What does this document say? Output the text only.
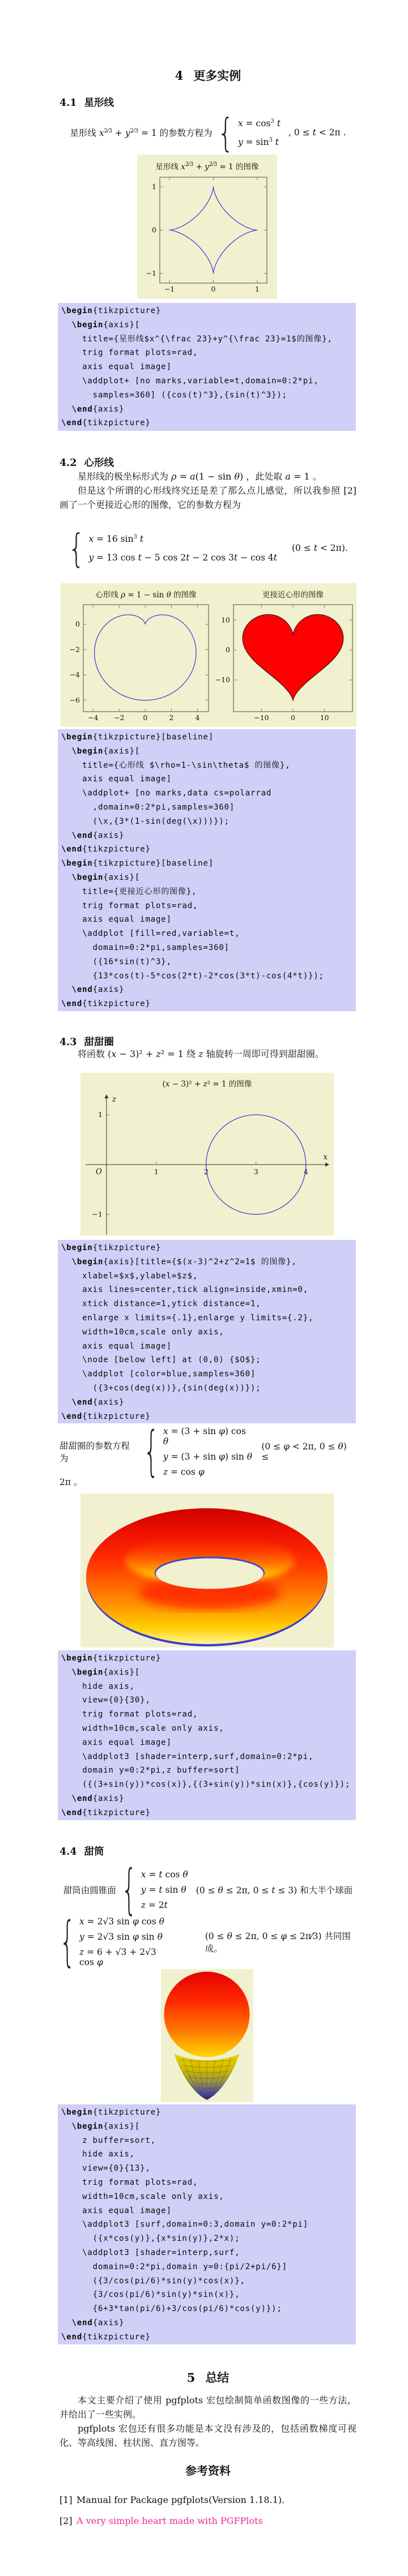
4 更多实例
4.1 星形线
星形线 $x^{2⁄3} + y^{2⁄3} = 1$ 的参数方程为
{
$x = \cos^3 t$
$y = \sin^3 t$
, 0 ≤ t < 2π .
星形线 $x^{2⁄3} + y^{2⁄3} = 1$ 的图像
−1	0	1
1
0
−1
\begin{tikzpicture}
\begin{axis}[
title={星形线$x^{\frac 23}+y^{\frac 23}=1$的图像},
trig format plots=rad,
axis equal image]
\addplot+ [no marks,variable=t,domain=0:2*pi,
samples=360] ({cos(t)^3},{sin(t)^3});
\end{axis}
\end{tikzpicture}
4.2 心形线

星形线的极坐标形式为 ρ = a(1 − sin θ) ，此处取 a = 1 。

但是这个所谓的心形线终究还是差了那么点儿感觉，所以我参照 [2] 画了一个更接近心形的图像，它的参数方程为

{
x = 16 $\sin^3 t$
y = 13 cos t − 5 cos 2t − 2 cos 3t − cos 4t
(0 ≤ t < 2π).
心形线 ρ = 1 − sin θ 的图像	更接近心形的图像
−4 −2	0	2	4
0
−2
−4
−6
−10	0	10
10
0
−10
\begin{tikzpicture}[baseline]
\begin{axis}[
title={心形线 $\rho=1-\sin\theta$ 的图像},
axis equal image]
\addplot+ [no marks,data cs=polarrad
,domain=0:2*pi,samples=360]
(\x,{3*(1-sin(deg(\x)))});
\end{axis}
\end{tikzpicture}
\begin{tikzpicture}[baseline]
\begin{axis}[
title={更接近心形的图像},
trig format plots=rad,
axis equal image]
\addplot [fill=red,variable=t,
domain=0:2*pi,samples=360]
({16*sin(t)^3},
{13*cos(t)-5*cos(2*t)-2*cos(3*t)-cos(4*t)});
\end{axis}
\end{tikzpicture}
4.3 甜甜圈

将函数 (x − 3)² + z² = 1 绕 z 轴旋转一周即可得到甜甜圈。

(x − 3)² + z² = 1 的图像
1	2	3	4
1
−1
O
x
z
\begin{tikzpicture}
\begin{axis}[title={$(x-3)^2+z^2=1$ 的图像},
xlabel=$x$,ylabel=$z$,
axis lines=center,tick align=inside,xmin=0,
xtick distance=1,ytick distance=1,
enlarge x limits={.1},enlarge y limits={.2},
width=10cm,scale only axis,
axis equal image]
\node [below left] at (0,0) {$O$};
\addplot [color=blue,samples=360]
({3+cos(deg(x))},{sin(deg(x))});
\end{axis}
\end{tikzpicture}
甜甜圈的参数方程为
{
x = (3 + sin φ) cos θ
y = (3 + sin φ) sin θ
z = cos φ
(0 ≤ φ < 2π, 0 ≤ θ) ≤
2π 。
\begin{tikzpicture}
\begin{axis}[
hide axis,
view={0}{30},
trig format plots=rad,
width=10cm,scale only axis,
axis equal image]
\addplot3 [shader=interp,surf,domain=0:2*pi,
domain y=0:2*pi,z buffer=sort]
({(3+sin(y))*cos(x)},{(3+sin(y))*sin(x)},{cos(y)});
\end{axis}
\end{tikzpicture}
4.4 甜筒
甜筒由圆锥面
{
x = t cos θ
y = t sin θ
z = 2t
(0 ≤ θ ≤ 2π, 0 ≤ t ≤ 3) 和大半个球面
{
x = 2√3 sin φ cos θ
y = 2√3 sin φ sin θ
z = 6 + √3 + 2√3 cos φ
(0 ≤ θ ≤ 2π, 0 ≤ φ ≤ 2π⁄3) 共同围成。
\begin{tikzpicture}
\begin{axis}[
z buffer=sort,
hide axis,
view={0}{13},
trig format plots=rad,
width=10cm,scale only axis,
axis equal image]
\addplot3 [surf,domain=0:3,domain y=0:2*pi]
({x*cos(y)},{x*sin(y)},2*x);
\addplot3 [shader=interp,surf,
domain=0:2*pi,domain y=0:{pi/2+pi/6}]
({3/cos(pi/6)*sin(y)*cos(x)},
{3/cos(pi/6)*sin(y)*sin(x)},
{6+3*tan(pi/6)+3/cos(pi/6)*cos(y)});
\end{axis}
\end{tikzpicture}
5 总结

本文主要介绍了使用 pgfplots 宏包绘制简单函数图像的一些方法，并给出了一些实例。

pgfplots 宏包还有很多功能是本文没有涉及的，包括函数梯度可视化、等高线图、柱状图、直方图等。

参考资料
[1] Manual for Package pgfplots(Version 1.18.1).
[2] A very simple heart made with PGFPlots
